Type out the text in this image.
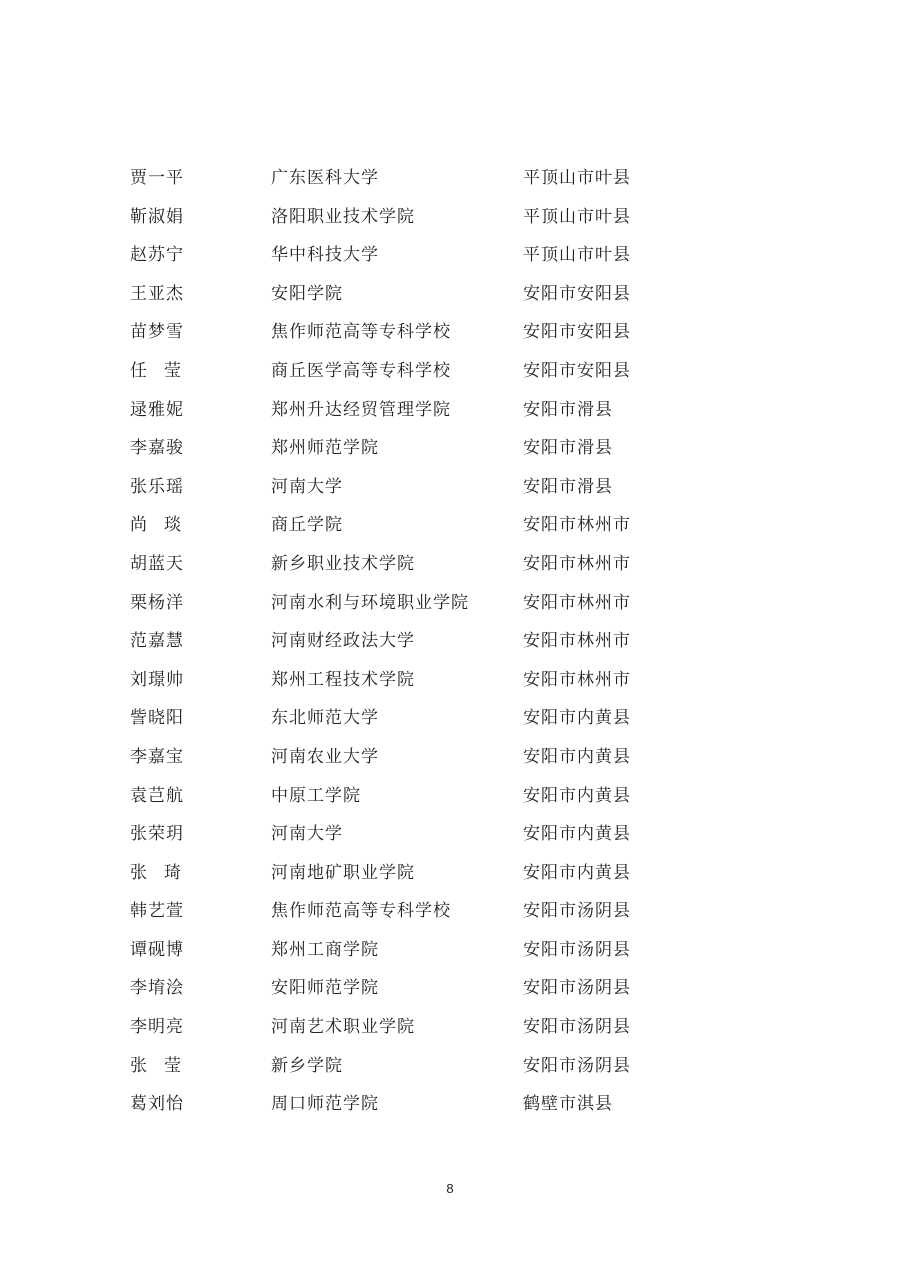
贾一平	广东医科大学	平顶山市叶县
靳淑娟	洛阳职业技术学院	平顶山市叶县
赵苏宁	华中科技大学	平顶山市叶县
王亚杰	安阳学院	安阳市安阳县
苗梦雪	焦作师范高等专科学校	安阳市安阳县
任　莹	商丘医学高等专科学校	安阳市安阳县
逯雅妮	郑州升达经贸管理学院	安阳市滑县
李嘉骏	郑州师范学院	安阳市滑县
张乐瑶	河南大学	安阳市滑县
尚　琰	商丘学院	安阳市林州市
胡蓝天	新乡职业技术学院	安阳市林州市
栗杨洋	河南水利与环境职业学院	安阳市林州市
范嘉慧	河南财经政法大学	安阳市林州市
刘璟帅	郑州工程技术学院	安阳市林州市
訾晓阳	东北师范大学	安阳市内黄县
李嘉宝	河南农业大学	安阳市内黄县
袁芑航	中原工学院	安阳市内黄县
张荣玥	河南大学	安阳市内黄县
张　琦	河南地矿职业学院	安阳市内黄县
韩艺萱	焦作师范高等专科学校	安阳市汤阴县
谭砚博	郑州工商学院	安阳市汤阴县
李堉浍	安阳师范学院	安阳市汤阴县
李明亮	河南艺术职业学院	安阳市汤阴县
张　莹	新乡学院	安阳市汤阴县
葛刘怡	周口师范学院	鹤壁市淇县
8
